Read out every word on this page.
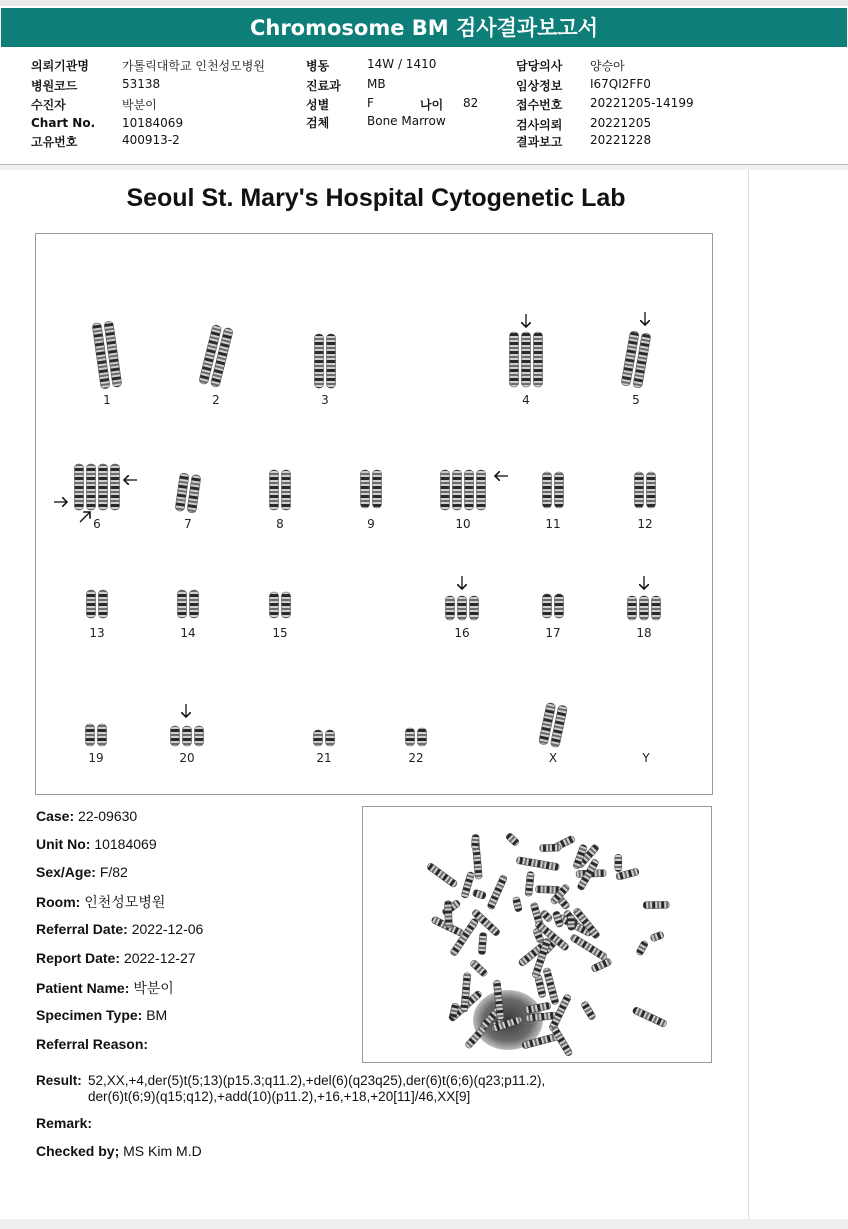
Chromosome BM 검사결과보고서
의뢰기관명	가톨릭대학교 인천성모병원
병원코드	53138
수진자	박분이
Chart No. 10184069
고유번호	400913-2
병동	14W / 1410
진료과 MB
성별	F	나이 82
검체	Bone Marrow
담당의사 양승아
임상정보 I67QI2FF0
접수번호 20221205-14199
검사의뢰 20221205
결과보고 20221228
Seoul St. Mary's Hospital Cytogenetic Lab
1	2	3	4	5
6	7	8	9	10	11	12
13	14	15	16	17	18
19	20	21	22	X	Y
Case: 22-09630
Unit No: 10184069
Sex/Age: F/82
Room: 인천성모병원
Referral Date: 2022-12-06
Report Date: 2022-12-27
Patient Name: 박분이
Specimen Type: BM
Referral Reason:
Result: 52,XX,+4,der(5)t(5;13)(p15.3;q11.2),+del(6)(q23q25),der(6)t(6;6)(q23;p11.2),
der(6)t(6;9)(q15;q12),+add(10)(p11.2),+16,+18,+20[11]/46,XX[9]
Remark:
Checked by; MS Kim M.D
